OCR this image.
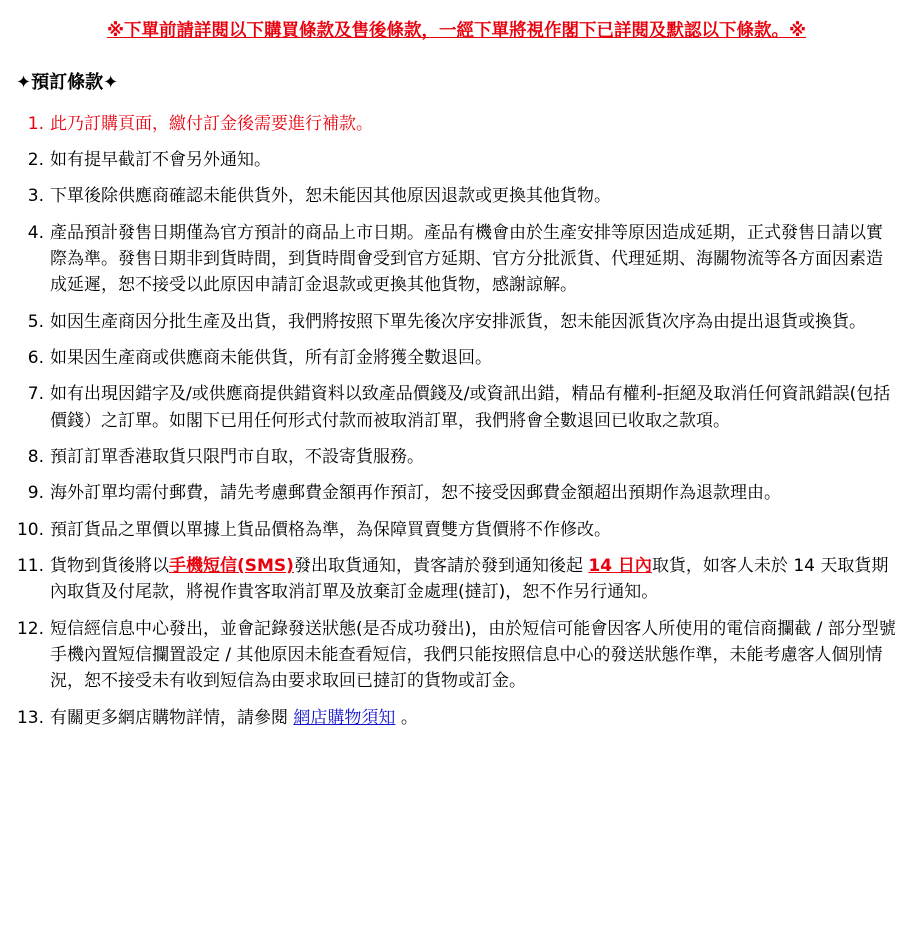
※下單前請詳閱以下購買條款及售後條款，一經下單將視作閣下已詳閱及默認以下條款。※
✦預訂條款✦
此乃訂購頁面，繳付訂金後需要進行補款。
如有提早截訂不會另外通知。
下單後除供應商確認未能供貨外，恕未能因其他原因退款或更換其他貨物。
產品預計發售日期僅為官方預計的商品上市日期。產品有機會由於生產安排等原因造成延期，正式發售日請以實際為準。發售日期非到貨時間，到貨時間會受到官方延期、官方分批派貨、代理延期、海關物流等各方面因素造成延遲，恕不接受以此原因申請訂金退款或更換其他貨物，感謝諒解。
如因生產商因分批生產及出貨，我們將按照下單先後次序安排派貨，恕未能因派貨次序為由提出退貨或換貨。
如果因生產商或供應商未能供貨，所有訂金將獲全數退回。
如有出現因錯字及/或供應商提供錯資料以致產品價錢及/或資訊出錯，精品有權利-拒絕及取消任何資訊錯誤(包括價錢）之訂單。如閣下已用任何形式付款而被取消訂單，我們將會全數退回已收取之款項。
預訂訂單香港取貨只限門市自取，不設寄貨服務。
海外訂單均需付郵費，請先考慮郵費金額再作預訂，恕不接受因郵費金額超出預期作為退款理由。
預訂貨品之單價以單據上貨品價格為準，為保障買賣雙方貨價將不作修改。
貨物到貨後將以手機短信(SMS)發出取貨通知，貴客請於發到通知後起 14 日內取貨，如客人未於 14 天取貨期內取貨及付尾款，將視作貴客取消訂單及放棄訂金處理(撻訂)，恕不作另行通知。
短信經信息中心發出，並會記錄發送狀態(是否成功發出)，由於短信可能會因客人所使用的電信商攔截 / 部分型號手機內置短信攔置設定 / 其他原因未能查看短信，我們只能按照信息中心的發送狀態作準，未能考慮客人個別情況，恕不接受未有收到短信為由要求取回已撻訂的貨物或訂金。
有關更多網店購物詳情，請參閱 網店購物須知 。
